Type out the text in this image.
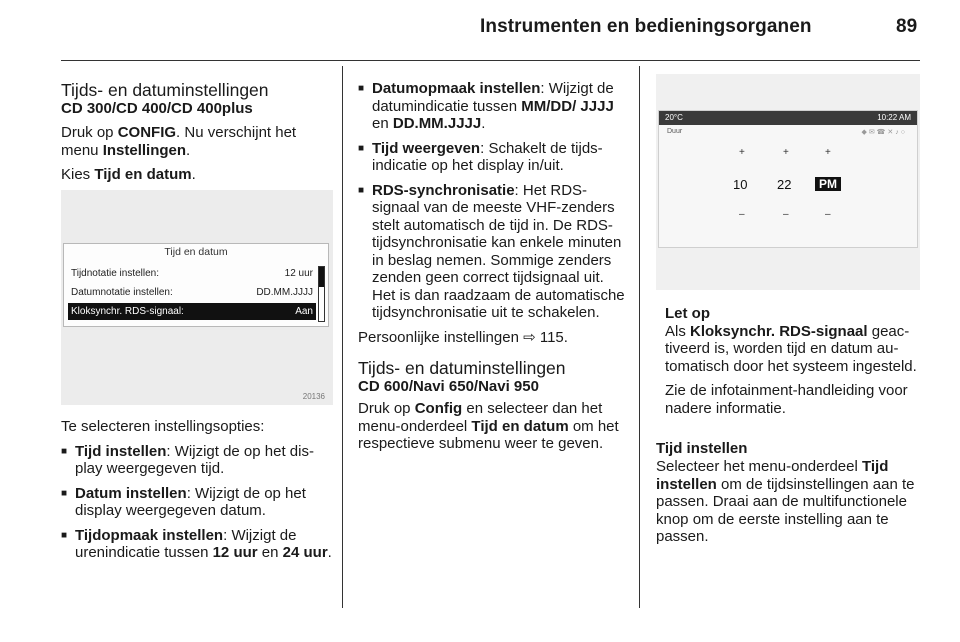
Instrumenten en bedieningsorganen	89
Tijds- en datuminstellingen
CD 300/CD 400/CD 400plus

Druk op CONFIG. Nu verschijnt het menu Instellingen.

Kies Tijd en datum.

Tijd en datum
Tijdnotatie instellen:	12 uur
Datumnotatie instellen:	DD.MM.JJJJ
Kloksynchr. RDS-signaal:	Aan
20136

Te selecteren instellingsopties:

■ Tijd instellen: Wijzigt de op het display weergegeven tijd.
■ Datum instellen: Wijzigt de op het display weergegeven datum.
■ Tijdopmaak instellen: Wijzigt de urenindicatie tussen 12 uur en 24 uur.
■ Datumopmaak instellen: Wijzigt de datumindicatie tussen MM/DD/ JJJJ en DD.MM.JJJJ.
■ Tijd weergeven: Schakelt de tijdsindicatie op het display in/uit.
■ RDS-synchronisatie: Het RDS-signaal van de meeste VHF-zenders stelt automatisch de tijd in. De RDS-tijdsynchronisatie kan enkele minuten in beslag nemen. Sommige zenders zenden geen correct tijdsignaal uit. Het is dan raadzaam de automatische tijdsynchronisatie uit te schakelen.

Persoonlijke instellingen ⇨ 115.

Tijds- en datuminstellingen
CD 600/Navi 650/Navi 950

Druk op Config en selecteer dan het menu-onderdeel Tijd en datum om het respectieve submenu weer te geven.

20°C	10:22 AM
Duur	◆✉☎✕♪○
+	+	+
10 22	PM
–	–	–
Let op

Als Kloksynchr. RDS-signaal geactiveerd is, worden tijd en datum automatisch door het systeem ingesteld.

Zie de infotainment-handleiding voor nadere informatie.

Tijd instellen

Selecteer het menu-onderdeel Tijd instellen om de tijdsinstellingen aan te passen. Draai aan de multifunctionele knop om de eerste instelling aan te passen.
